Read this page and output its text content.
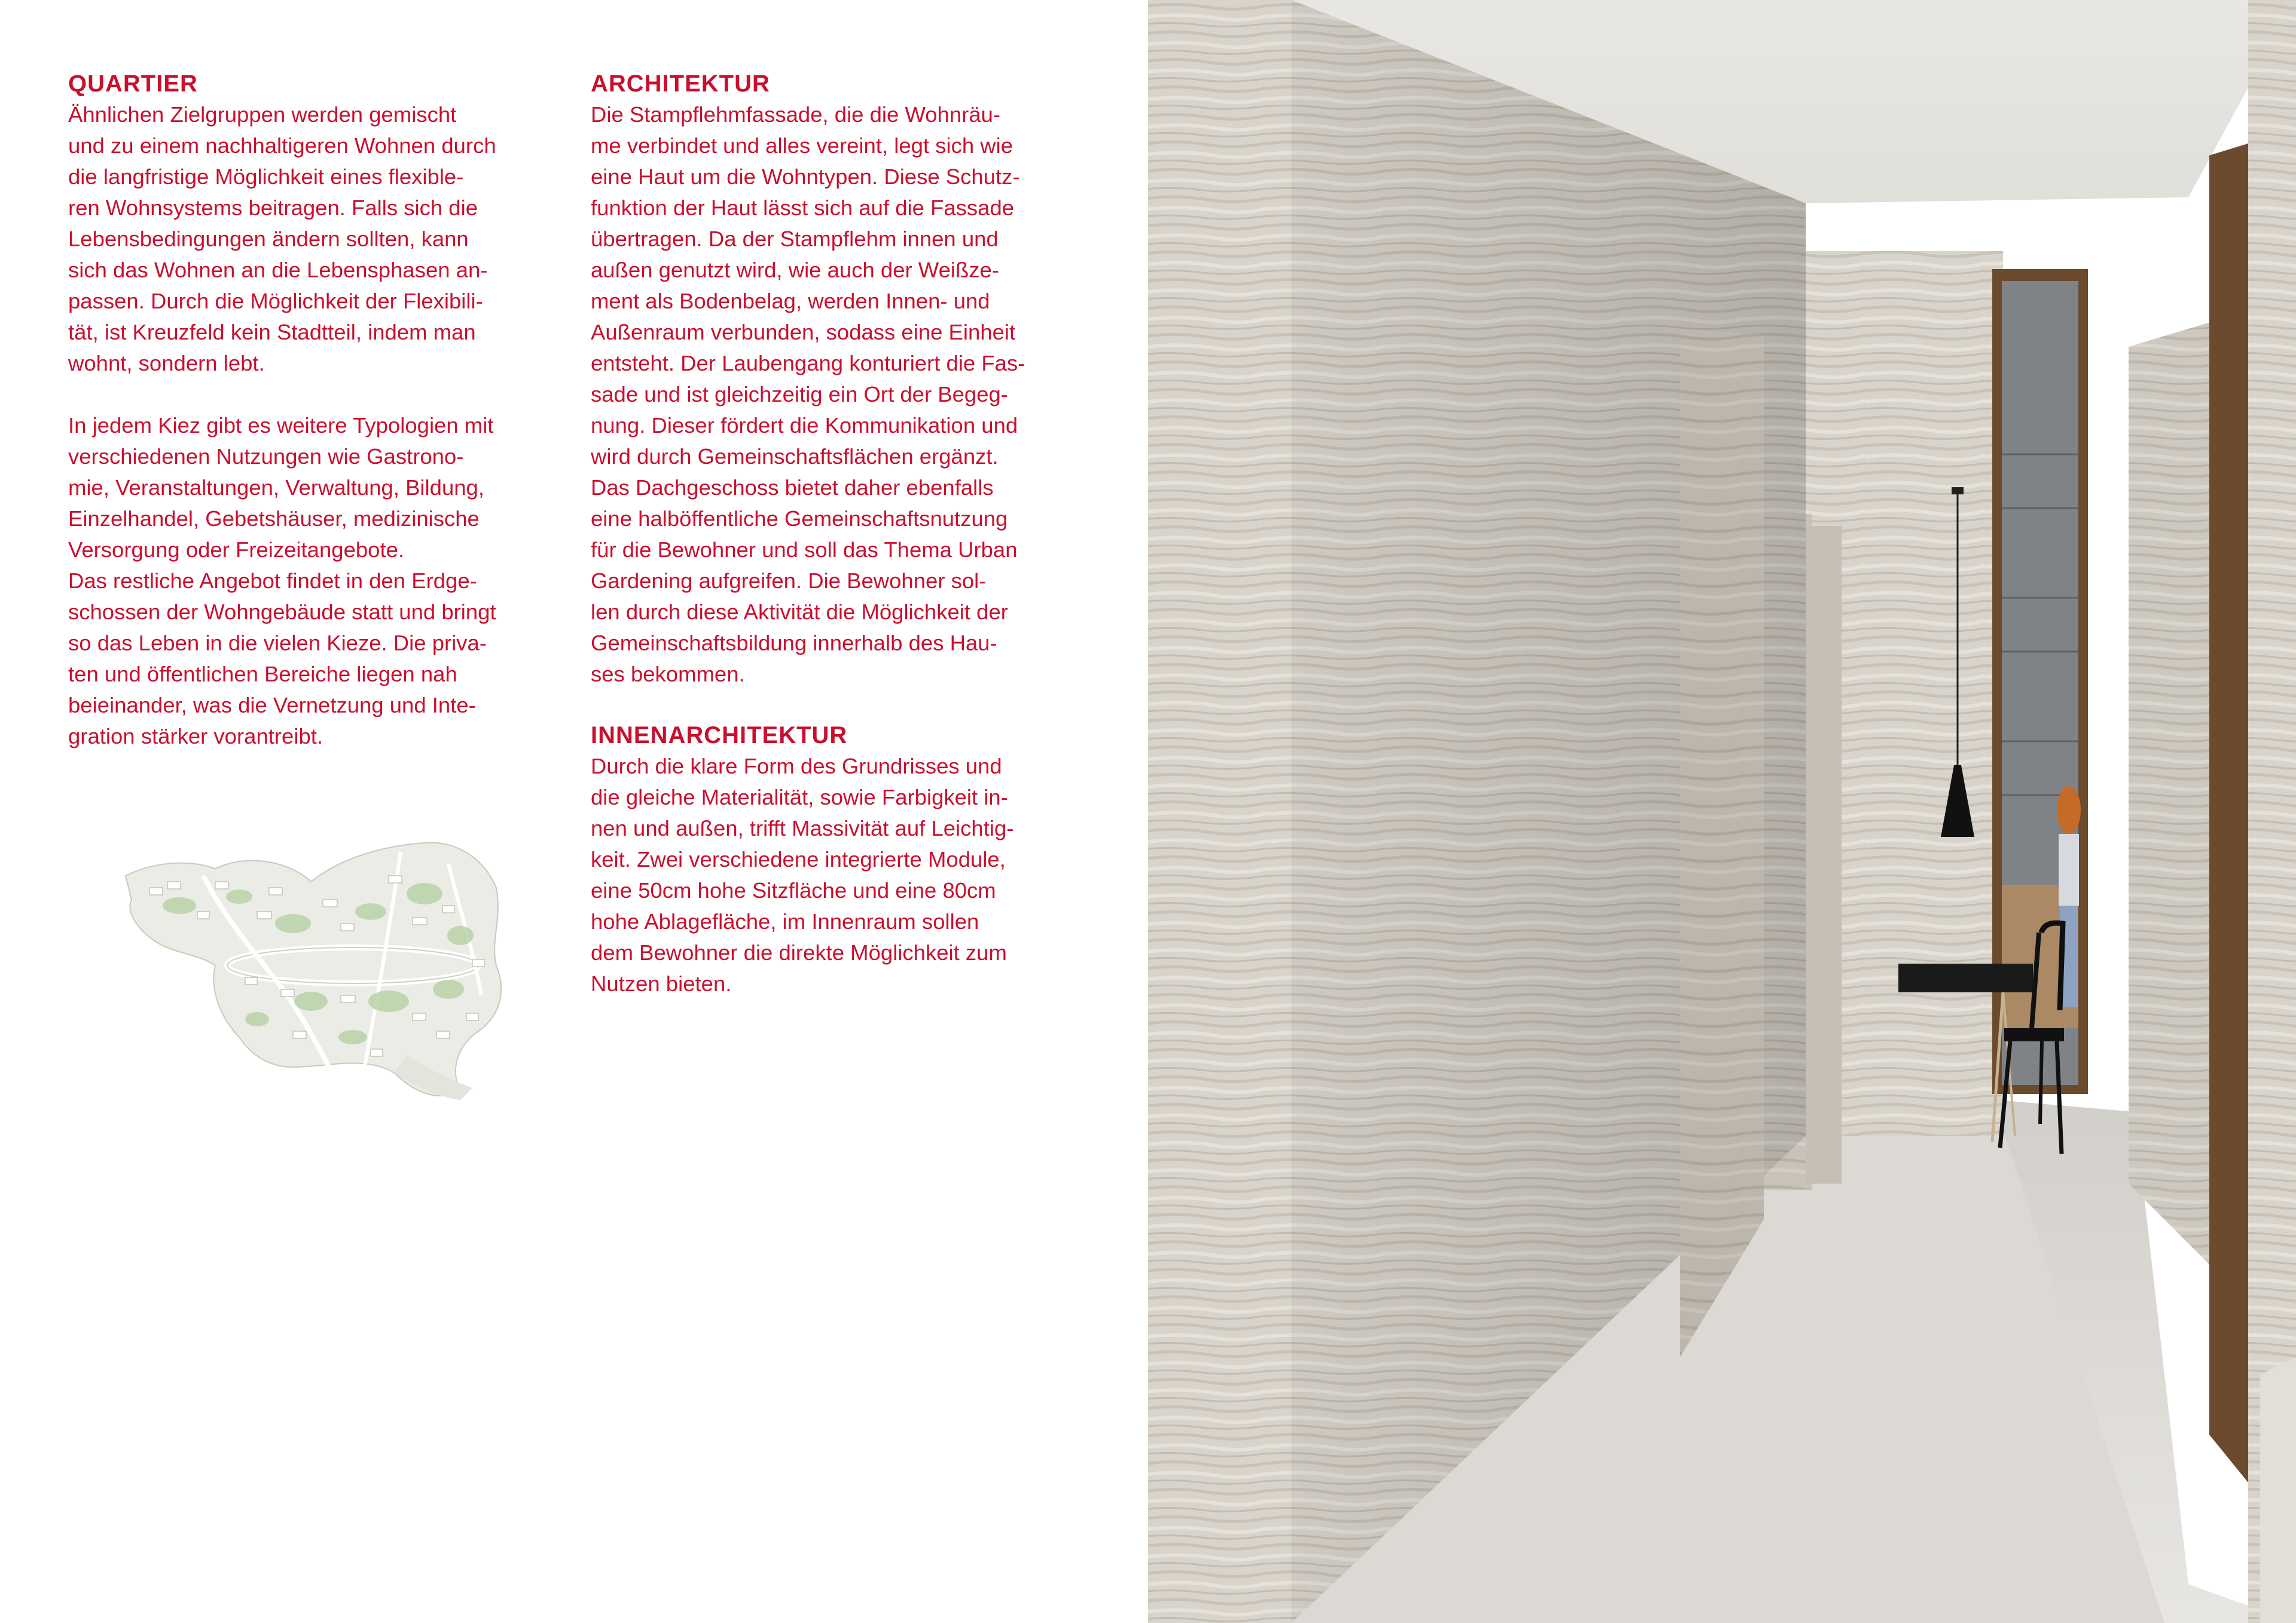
QUARTIER

Ähnlichen Zielgruppen werden gemischt
und zu einem nachhaltigeren Wohnen durch
die langfristige Möglichkeit eines flexible-
ren Wohnsystems beitragen. Falls sich die
Lebensbedingungen ändern sollten, kann
sich das Wohnen an die Lebensphasen an-
passen. Durch die Möglichkeit der Flexibili-
tät, ist Kreuzfeld kein Stadtteil, indem man
wohnt, sondern lebt.

In jedem Kiez gibt es weitere Typologien mit
verschiedenen Nutzungen wie Gastrono-
mie, Veranstaltungen, Verwaltung, Bildung,
Einzelhandel, Gebetshäuser, medizinische
Versorgung oder Freizeitangebote.

Das restliche Angebot findet in den Erdge-
schossen der Wohngebäude statt und bringt
so das Leben in die vielen Kieze. Die priva-
ten und öffentlichen Bereiche liegen nah
beieinander, was die Vernetzung und Inte-
gration stärker vorantreibt.

ARCHITEKTUR

Die Stampflehmfassade, die die Wohnräu-
me verbindet und alles vereint, legt sich wie
eine Haut um die Wohntypen. Diese Schutz-
funktion der Haut lässt sich auf die Fassade
übertragen. Da der Stampflehm innen und
außen genutzt wird, wie auch der Weißze-
ment als Bodenbelag, werden Innen- und
Außenraum verbunden, sodass eine Einheit
entsteht. Der Laubengang konturiert die Fas-
sade und ist gleichzeitig ein Ort der Begeg-
nung. Dieser fördert die Kommunikation und
wird durch Gemeinschaftsflächen ergänzt.
Das Dachgeschoss bietet daher ebenfalls
eine halböffentliche Gemeinschaftsnutzung
für die Bewohner und soll das Thema Urban
Gardening aufgreifen. Die Bewohner sol-
len durch diese Aktivität die Möglichkeit der
Gemeinschaftsbildung innerhalb des Hau-
ses bekommen.

INNENARCHITEKTUR

Durch die klare Form des Grundrisses und
die gleiche Materialität, sowie Farbigkeit in-
nen und außen, trifft Massivität auf Leichtig-
keit. Zwei verschiedene integrierte Module,
eine 50cm hohe Sitzfläche und eine 80cm
hohe Ablagefläche, im Innenraum sollen
dem Bewohner die direkte Möglichkeit zum
Nutzen bieten.
